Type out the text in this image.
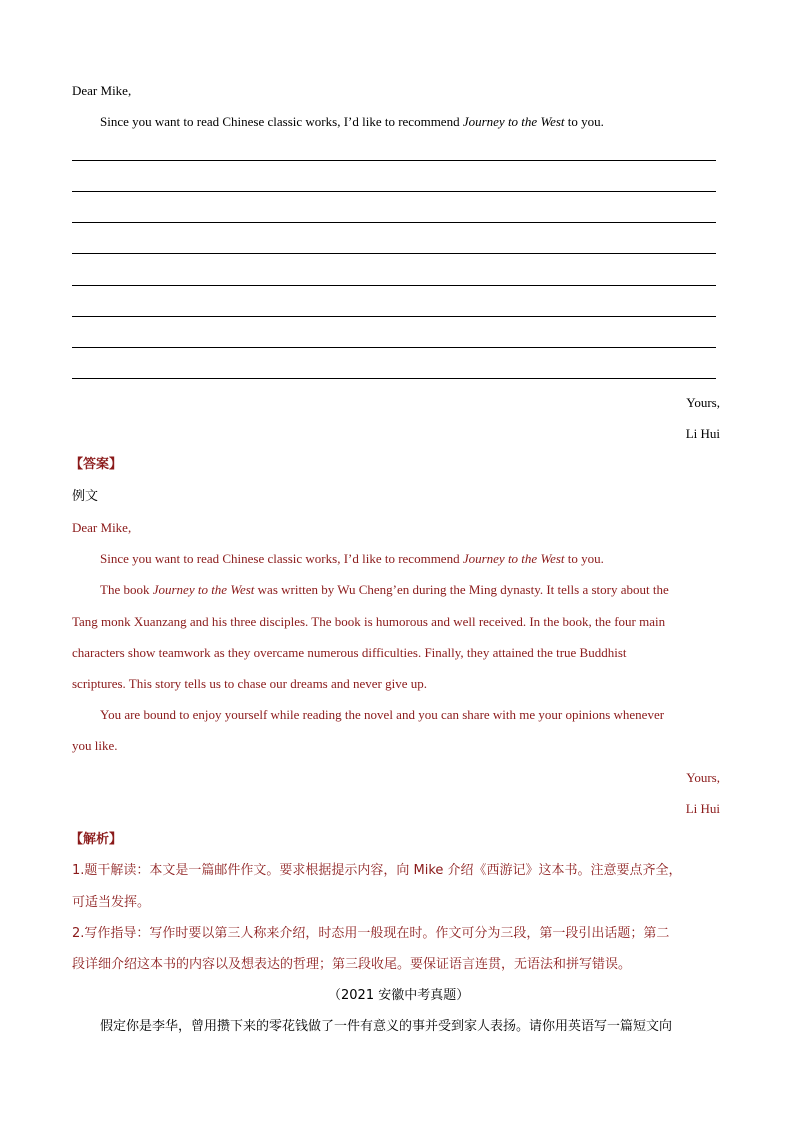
Dear Mike,
Since you want to read Chinese classic works, I’d like to recommend Journey to the West to you.
Yours,
Li Hui
【答案】
例文
Dear Mike,
Since you want to read Chinese classic works, I’d like to recommend Journey to the West to you.
The book Journey to the West was written by Wu Cheng’en during the Ming dynasty. It tells a story about the
Tang monk Xuanzang and his three disciples. The book is humorous and well received. In the book, the four main
characters show teamwork as they overcame numerous difficulties. Finally, they attained the true Buddhist
scriptures. This story tells us to chase our dreams and never give up.
You are bound to enjoy yourself while reading the novel and you can share with me your opinions whenever
you like.
Yours,
Li Hui
【解析】
1.题干解读：本文是一篇邮件作文。要求根据提示内容，向 Mike 介绍《西游记》这本书。注意要点齐全，
可适当发挥。
2.写作指导：写作时要以第三人称来介绍，时态用一般现在时。作文可分为三段，第一段引出话题；第二
段详细介绍这本书的内容以及想表达的哲理；第三段收尾。要保证语言连贯，无语法和拼写错误。
（2021 安徽中考真题）
假定你是李华，曾用攒下来的零花钱做了一件有意义的事并受到家人表扬。请你用英语写一篇短文向
